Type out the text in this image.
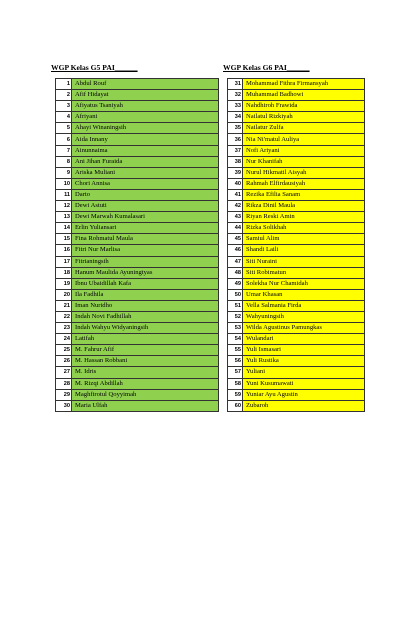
WGP Kelas G5 PAI______	WGP Kelas G6 PAI______
1	Abdul Rouf
2	Afif Hidayat
3	Afiyatus Tsaniyah
4	Afriyani
5	Ahayi Winaningsih
6	Aida Innany
7	Ainunnaima
8	Ani Jihan Furaida
9	Ariska Muliani
10	Chori Annisa
11	Darto
12	Dewi Astuti
13	Dewi Marwah Kumalasari
14	Erlin Yuliansari
15	Fina Rohmatul Maula
16	Fitri Nur Marlisa
17	Fitrianingsih
18	Hanum Maulida Ayuningtyas
19	Ibnu Ubaidillah Kafa
20	Ila Fadhila
21	Iman Nuridho
22	Indah Novi Fadhillah
23	Indah Wahyu Widyaningsih
24	Latifah
25	M. Fahrur Afif
26	M. Hassan Robbani
27	M. Idris
28	M. Rizqi Abdillah
29	Maghfirotul Qoyyimah
30	Maria Ulfah
31	Mohammad Fithra Firmansyah
32	Muhammad Badhowi
33	Nahdhiroh Frawida
34	Nailatul Rizkiyah
35	Nailatur Zulfa
36	Nia Ni'matul Auliya
37	Nofi Ariyani
38	Nur Khanifah
39	Nurul Hikmatil Aisyah
40	Rahmah Elfirdausiyah
41	Rezika Efilia Sanam
42	Rikza Dinil Maula
43	Riyan Reski Amin
44	Rizka Solikhah
45	Samiul Alim
46	Shandi Laili
47	Siti Nuraini
48	Siti Robimatun
49	Solekha Nur Chamidah
50	Umar Khasan
51	Vella Salmania Firda
52	Wahyuningsih
53	Wilda Agustinus Pamungkas
54	Wulandari
55	Yuli Ismasari
56	Yuli Rustika
57	Yuliani
58	Yuni Kusumawati
59	Yuniar Ayu Agustin
60	Zubaroh
